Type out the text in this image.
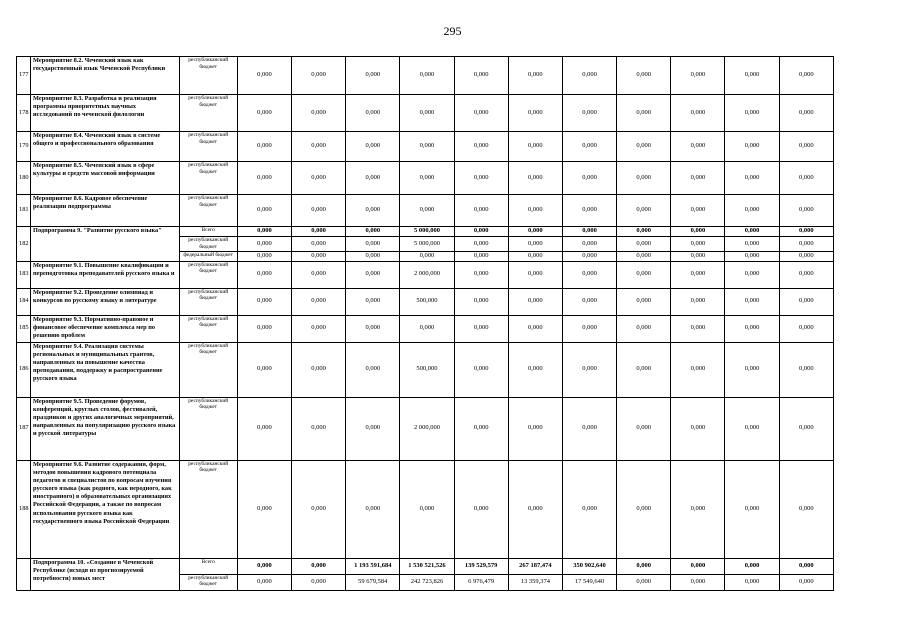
295
177	Мероприятие 8.2. Чеченский язык как государственный язык Чеченской Республики	республиканский бюджет	0,000	0,000	0,000	0,000	0,000	0,000	0,000	0,000	0,000	0,000	0,000
178	Мероприятие 8.3. Разработка и реализация программы приоритетных научных исследований по чеченской филологии	республиканский бюджет	0,000	0,000	0,000	0,000	0,000	0,000	0,000	0,000	0,000	0,000	0,000
179	Мероприятие 8.4. Чеченский язык в системе общего и профессионального образования	республиканский бюджет	0,000	0,000	0,000	0,000	0,000	0,000	0,000	0,000	0,000	0,000	0,000
180	Мероприятие 8.5. Чеченский язык в сфере культуры и средств массовой информации	республиканский бюджет	0,000	0,000	0,000	0,000	0,000	0,000	0,000	0,000	0,000	0,000	0,000
181	Мероприятие 8.6. Кадровое обеспечение реализации подпрограммы	республиканский бюджет	0,000	0,000	0,000	0,000	0,000	0,000	0,000	0,000	0,000	0,000	0,000
182	Подпрограмма 9. "Развитие русского языка"	Всего	0,000	0,000	0,000	5 000,000	0,000	0,000	0,000	0,000	0,000	0,000	0,000
		республиканский бюджет	0,000	0,000	0,000	5 000,000	0,000	0,000	0,000	0,000	0,000	0,000	0,000
		федеральный бюджет	0,000	0,000	0,000	0,000	0,000	0,000	0,000	0,000	0,000	0,000	0,000
183	Мероприятие 9.1. Повышение квалификации и переподготовка преподавателей русского языка и	республиканский бюджет	0,000	0,000	0,000	2 000,000	0,000	0,000	0,000	0,000	0,000	0,000	0,000
184	Мероприятие 9.2. Проведение олимпиад и конкурсов по русскому языку и литературе	республиканский бюджет	0,000	0,000	0,000	500,000	0,000	0,000	0,000	0,000	0,000	0,000	0,000
185	Мероприятие 9.3. Нормативно-правовое и финансовое обеспечение комплекса мер по решению проблем	республиканский бюджет	0,000	0,000	0,000	0,000	0,000	0,000	0,000	0,000	0,000	0,000	0,000
186	Мероприятие 9.4. Реализация системы региональных и муниципальных грантов, направленных на повышение качества преподавания, поддержку и распространение русского языка	республиканский бюджет	0,000	0,000	0,000	500,000	0,000	0,000	0,000	0,000	0,000	0,000	0,000
187	Мероприятие 9.5. Проведение форумов, конференций, круглых столов, фестивалей, праздников и других аналогичных мероприятий, направленных на популяризацию русского языка и русской литературы	республиканский бюджет	0,000	0,000	0,000	2 000,000	0,000	0,000	0,000	0,000	0,000	0,000	0,000
188	Мероприятие 9.6. Развитие содержания, форм, методов повышения кадрового потенциала педагогов и специалистов по вопросам изучения русского языка (как родного, как неродного, как иностранного) в образовательных организациях Российской Федерации, а также по вопросам использования русского языка как государственного языка Российской Федерации	республиканский бюджет	0,000	0,000	0,000	0,000	0,000	0,000	0,000	0,000	0,000	0,000	0,000
	Подпрограмма 10. «Создание в Чеченской Республике (исходя из прогнозируемой потребности) новых мест	Всего	0,000	0,000	1 193 591,684	1 530 521,526	139 529,579	267 187,474	350 902,640	0,000	0,000	0,000	0,000
		республиканский бюджет	0,000	0,000	59 679,584	242 723,826	6 976,479	13 359,374	17 549,640	0,000	0,000	0,000	0,000
